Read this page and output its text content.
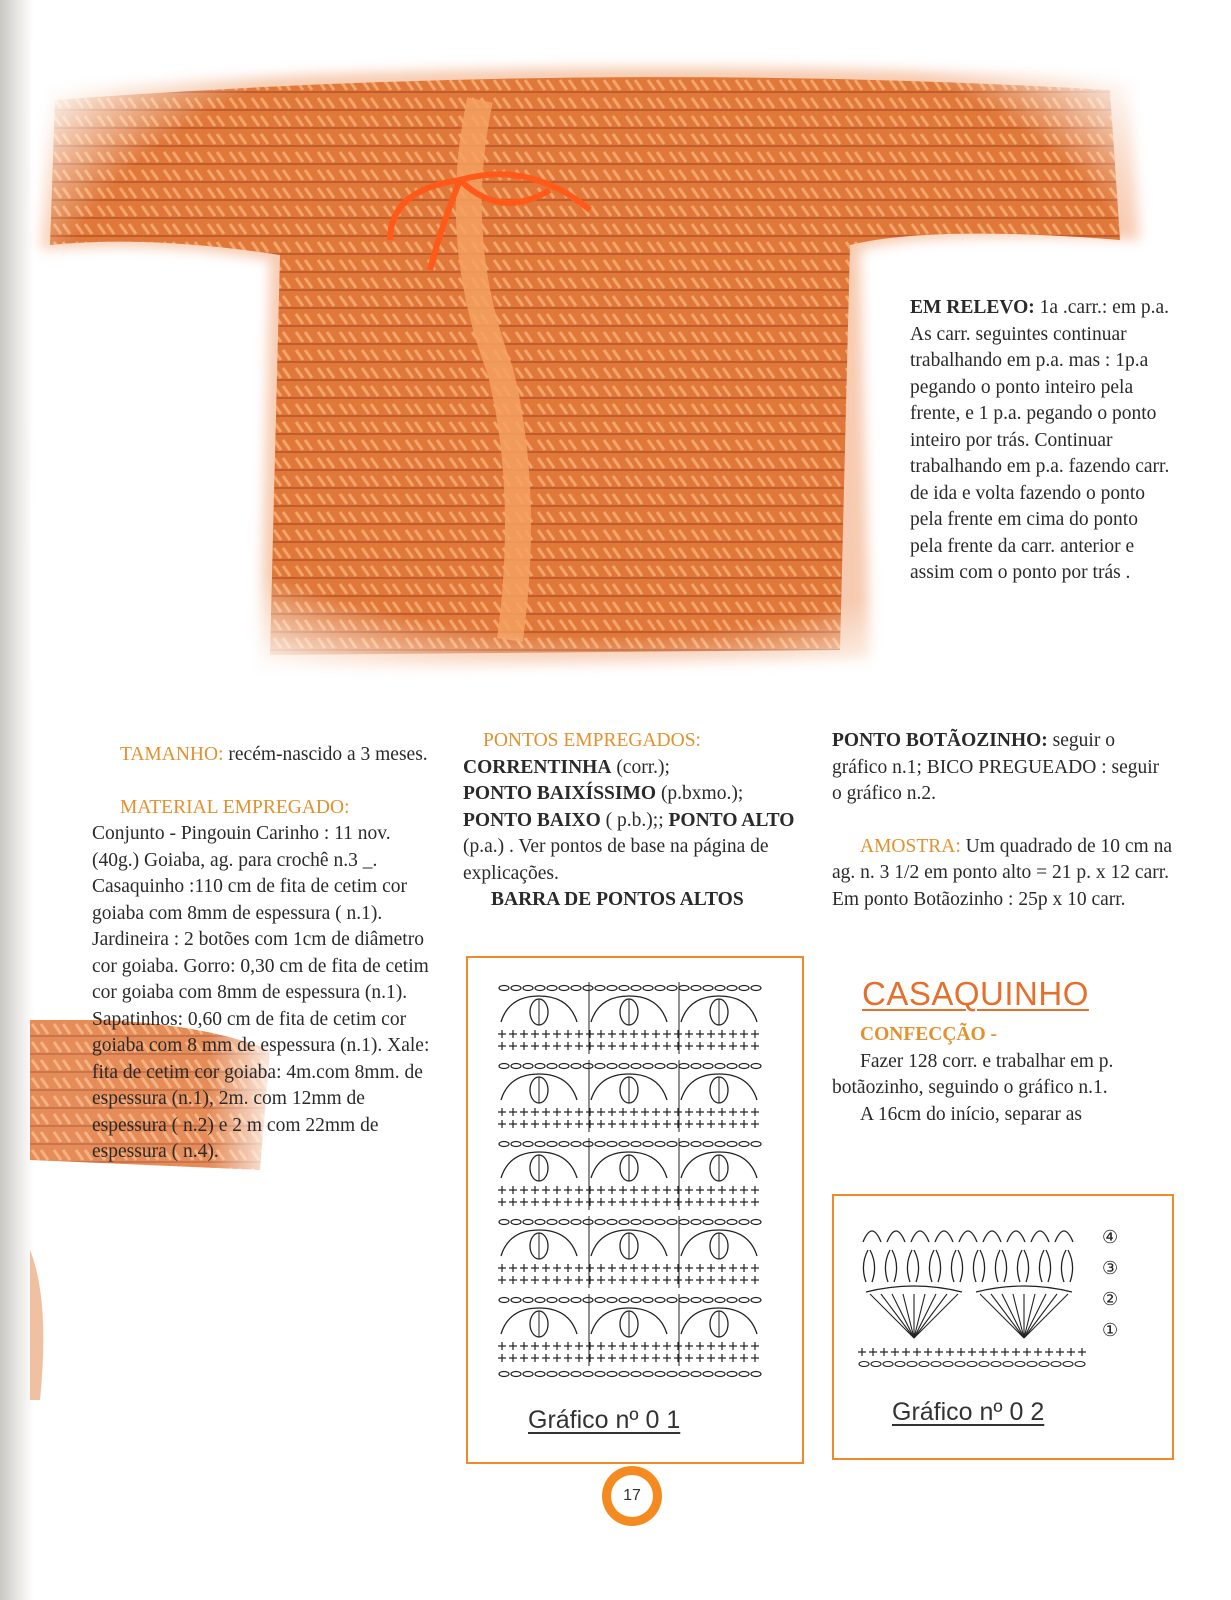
EM RELEVO: 1a .carr.: em p.a. As carr. seguintes continuar trabalhando em p.a. mas : 1p.a pegando o ponto inteiro pela frente, e 1 p.a. pegando o ponto inteiro por trás. Continuar trabalhando em p.a. fazendo carr. de ida e volta fazendo o ponto pela frente em cima do ponto pela frente da carr. anterior e assim com o ponto por trás .

TAMANHO: recém-nascido a 3 meses.

MATERIAL EMPREGADO:

Conjunto - Pingouin Carinho : 11 nov. (40g.) Goiaba, ag. para crochê n.3 _. Casaquinho :110 cm de fita de cetim cor goiaba com 8mm de espessura ( n.1). Jardineira : 2 botões com 1cm de diâmetro cor goiaba. Gorro: 0,30 cm de fita de cetim cor goiaba com 8mm de espessura (n.1). Sapatinhos: 0,60 cm de fita de cetim cor goiaba com 8 mm de espessura (n.1). Xale: fita de cetim cor goiaba: 4m.com 8mm. de espessura (n.1), 2m. com 12mm de espessura ( n.2) e 2 m com 22mm de espessura ( n.4).

PONTOS EMPREGADOS:

CORRENTINHA (corr.);

PONTO BAIXÍSSIMO (p.bxmo.);

PONTO BAIXO ( p.b.);; PONTO ALTO (p.a.) . Ver pontos de base na página de explicações.

BARRA DE PONTOS ALTOS

PONTO BOTÃOZINHO: seguir o gráfico n.1; BICO PREGUEADO : seguir o gráfico n.2.

AMOSTRA: Um quadrado de 10 cm na ag. n. 3 1/2 em ponto alto = 21 p. x 12 carr. Em ponto Botãozinho : 25p x 10 carr.

CASAQUINHO

CONFECÇÃO -

Fazer 128 corr. e trabalhar em p. botãozinho, seguindo o gráfico n.1.

A 16cm do início, separar as

Gráfico nº 0 1
④
③
②
①
Gráfico nº 0 2
17
